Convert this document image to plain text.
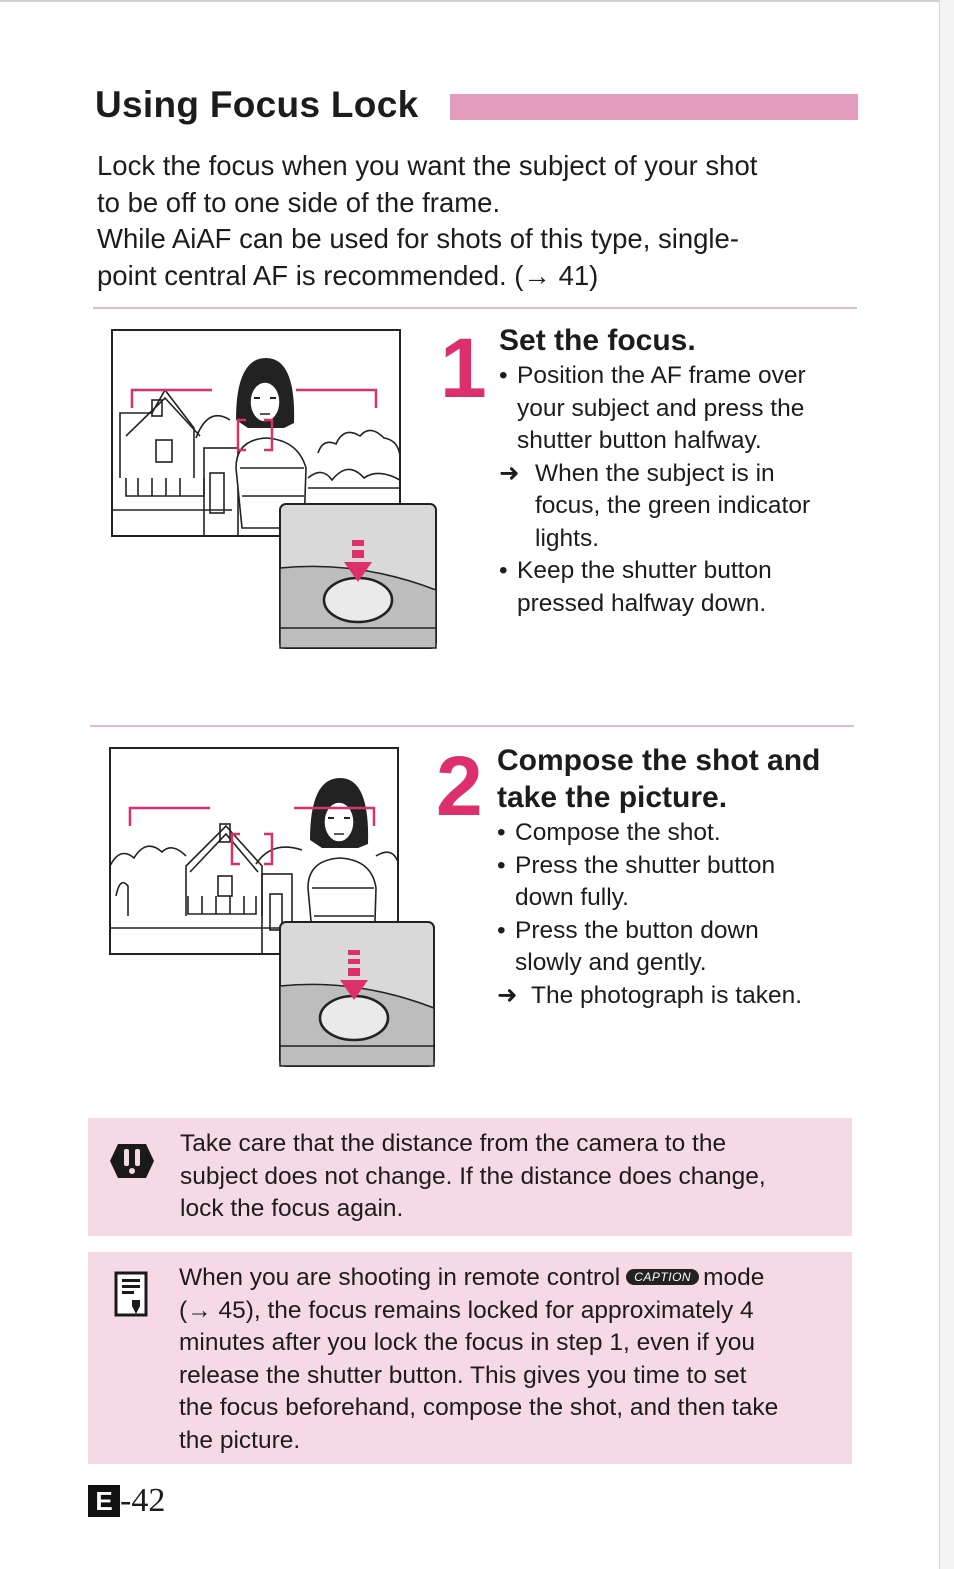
Using Focus Lock

Lock the focus when you want the subject of your shot

to be off to one side of the frame.

While AiAF can be used for shots of this type, single-

point central AF is recommended. (→ 41)

1 Set the focus.
• Position the AF frame over
your subject and press the
shutter button halfway.
➜ When the subject is in
focus, the green indicator
lights.
• Keep the shutter button
pressed halfway down.
2 Compose the shot and
take the picture.
• Compose the shot.
• Press the shutter button
down fully.
• Press the button down
slowly and gently.
➜ The photograph is taken.
Take care that the distance from the camera to the
subject does not change. If the distance does change,
lock the focus again.
When you are shooting in remote control CAPTION mode
(→ 45), the focus remains locked for approximately 4
minutes after you lock the focus in step 1, even if you
release the shutter button. This gives you time to set
the focus beforehand, compose the shot, and then take
the picture.
E -42
